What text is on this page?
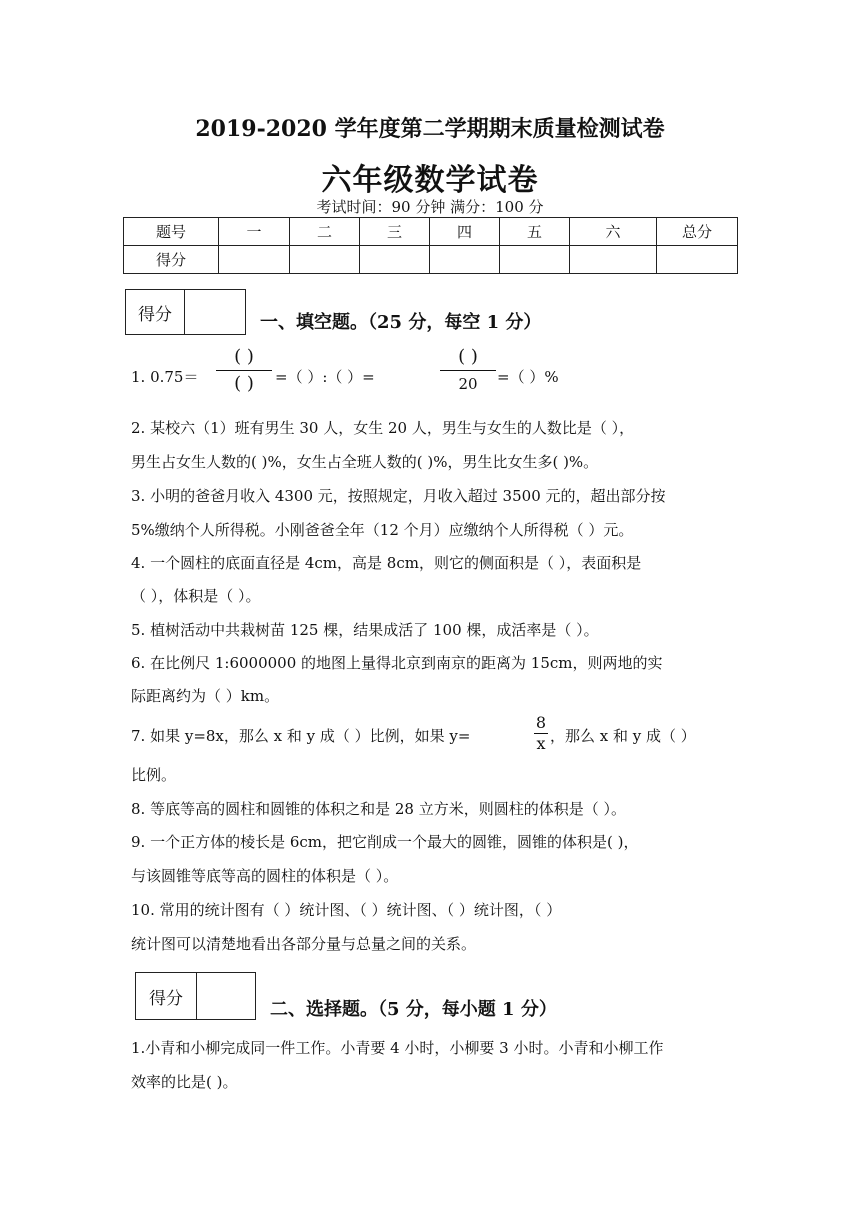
2019-2020 学年度第二学期期末质量检测试卷
六年级数学试卷
考试时间：90 分钟 满分：100 分
题号	一	二	三	四	五	六	总分
得分							
得分	一、填空题。（25 分，每空 1 分）
1. 0.75＝
( )
( )	=（ ）:（ ）=
( )
20	=（ ）%
2. 某校六（1）班有男生 30 人，女生 20 人，男生与女生的人数比是（ ），
男生占女生人数的( )%，女生占全班人数的( )%，男生比女生多( )%。
3. 小明的爸爸月收入 4300 元，按照规定，月收入超过 3500 元的，超出部分按
5%缴纳个人所得税。小刚爸爸全年（12 个月）应缴纳个人所得税（ ）元。
4. 一个圆柱的底面直径是 4cm，高是 8cm，则它的侧面积是（ ），表面积是
（ ），体积是（ ）。
5. 植树活动中共栽树苗 125 棵，结果成活了 100 棵，成活率是（ ）。
6. 在比例尺 1:6000000 的地图上量得北京到南京的距离为 15cm，则两地的实
际距离约为（ ）km。
7. 如果 y=8x，那么 x 和 y 成（ ）比例，如果 y=
8
x ，那么 x 和 y 成（ ）
比例。
8. 等底等高的圆柱和圆锥的体积之和是 28 立方米，则圆柱的体积是（ ）。
9. 一个正方体的棱长是 6cm，把它削成一个最大的圆锥，圆锥的体积是( )，
与该圆锥等底等高的圆柱的体积是（ ）。
10. 常用的统计图有（ ）统计图、（ ）统计图、（ ）统计图，（ ）
统计图可以清楚地看出各部分量与总量之间的关系。
得分
二、选择题。（5 分，每小题 1 分）
1.小青和小柳完成同一件工作。小青要 4 小时，小柳要 3 小时。小青和小柳工作
效率的比是( )。
